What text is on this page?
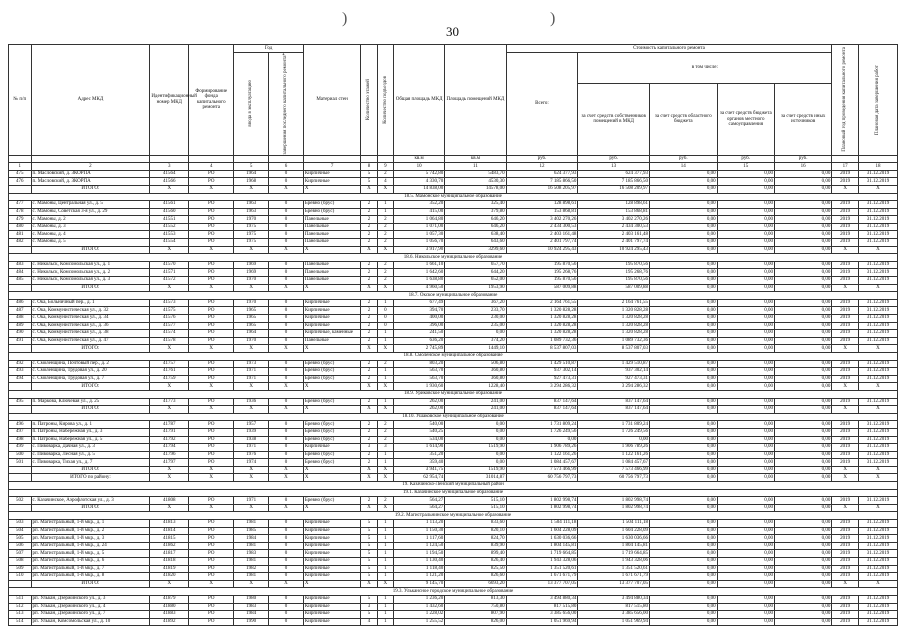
)
30
)
№ п/п	Адрес МКД	Идентификационный номер МКД	Формирование фонда капитального ремонта	Год		Материал стен	Количество этажей	Количество подъездов	Общая площадь МКД	Площадь помещений МКД	Стоимость капитального ремонта					Плановый год проведения капитального ремонта	Плановая дата завершения работ

				ввода в эксплуатацию	завершения последнего капитального ремонта*						Всего:	в том числе:					
												за счет средств собственников помещений в МКД	за счет средств областного бюджета	за счет средств бюджета органов местного самоуправления	за счет средств иных источников		
									кв.м	кв.м	руб.	руб.	руб.	руб.	руб.		
1	2	3	4	5	6	7	8	9	10	11	12	13	14	15	16	17	18
475	п. Масловский, д. ЗКОРПА	41564	РО	1964	0	Кирпичные	5	2	5 742,80	5483,70	624 377,93	624 377,93	0,00	0,00	0,00	2019	31.12.2019
476	п. Масловский, д. ЗКОРПА	41566	РО	1968	0	Кирпичные	5	4	4 330,70	4530,30	7 185 866,50	7 185 866,50	0,00	0,00	0,00	2019	31.12.2019
	ИТОГО:	X	X	X	X	X	X	X	14 838,00	14578,00	16 508 205,97	16 508 209,97	0,00	0,00	0,00	X	X
18.5. Мамонское муниципальное образование																	
477	с. Мамоны, Центральная ул., д. 5	41561	РО	1963	0	Бревно (брус)	2	1	352,20	325,40	128 898,61	128 898,61	0,00	0,00	0,00	2019	31.12.2019
478	с. Мамоны, Советская 3-я ул., д. 29	41560	РО	1963	0	Бревно (брус)	2	1	415,00	379,80	153 868,81	153 868,81	0,00	0,00	0,00	2019	31.12.2019
479	с. Мамоны, д. 2	41551	РО	1970	0	Панельные	2	2	1 064,80	646,20	3 402 270,26	3 402 270,26	0,00	0,00	0,00	2019	31.12.2019
480	с. Мамоны, д. 3	41552	РО	1975	0	Панельные	2	2	1 071,00	646,20	2 434 300,53	2 434 300,53	0,00	0,00	0,00	2019	31.12.2019
481	с. Мамоны, д. 4	41553	РО	1975	0	Панельные	2	2	1 057,30	638,40	2 403 161,48	2 403 161,48	0,00	0,00	0,00	2019	31.12.2019
482	с. Мамоны, д. 5	41554	РО	1975	0	Панельные	2	2	1 056,70	643,60	2 401 797,74	2 401 797,74	0,00	0,00	0,00	2019	31.12.2019
	ИТОГО:	X	X	X	X	X	X	X	3 917,90	3299,60	10 924 295,43	10 924 295,43	0,00	0,00	0,00	X	X
18.6. Никольское муниципальное образование																	
483	с. Никольск, Комсомольская ул., д. 1	41570	РО	1969	0	Панельные	2	2	1 661,10	657,70	195 870,56	195 870,56	0,00	0,00	0,00	2019	31.12.2019
484	с. Никольск, Комсомольская ул., д. 2	41571	РО	1969	0	Панельные	2	2	1 642,60	644,20	195 268,76	195 268,76	0,00	0,00	0,00	2019	31.12.2019
485	с. Никольск, Комсомольская ул., д. 3	41572	РО	1970	0	Панельные	2	2	1 638,80	652,00	195 870,56	195 870,56	0,00	0,00	0,00	2019	31.12.2019
	ИТОГО:	X	X	X	X	X	X	X	4 960,50	1953,90	587 009,88	587 009,88	0,00	0,00	0,00	X	X
18.7. Окское муниципальное образование																	
486	с. Ока, Больничный пер., д. 1	41573	РО	1970	0	Кирпичные	2	1	677,49	367,20	2 164 761,55	2 164 761,55	0,00	0,00	0,00	2019	31.12.2019
487	с. Ока, Коммунистическая ул., д. 32	41575	РО	1965	0	Кирпичные	2	0	394,70	233,70	1 320 828,28	1 320 828,28	0,00	0,00	0,00	2019	31.12.2019
488	с. Ока, Коммунистическая ул., д. 34	41576	РО	1965	0	Кирпичные	2	0	400,00	230,00	1 320 828,28	1 320 828,28	0,00	0,00	0,00	2019	31.12.2019
489	с. Ока, Коммунистическая ул., д. 36	41577	РО	1965	0	Кирпичные	2	0	396,00	235,00	1 320 828,28	1 320 828,28	0,00	0,00	0,00	2019	31.12.2019
490	с. Ока, Коммунистическая ул., д. 38	41574	РО	1964	0	Кирпичные, каменные	2	1	241,50	0,00	1 320 828,28	1 320 828,28	0,00	0,00	0,00	2019	31.12.2019
491	с. Ока, Коммунистическая ул., д. 47	41578	РО	1970	0	Панельные	2	1	636,20	374,20	1 089 732,36	1 089 732,36	0,00	0,00	0,00	2019	31.12.2019
	ИТОГО:	X	X	X	X	X	X	X	2 745,89	1449,10	8 537 807,03	8 537 807,03	0,00	0,00	0,00	X	X
18.8. Смоленское муниципальное образование																	
492	с. Смоленщина, Почтовый пер., д. 2	41757	РО	1973	0	Бревно (брус)	2	2	803,20	506,80	1 429 510,87	1 429 510,87	0,00	0,00	0,00	2019	31.12.2019
493	с. Смоленщина, Трудовая ул., д. 20	41761	РО	1971	0	Бревно (брус)	2	1	563,70	360,80	937 302,14	937 302,14	0,00	0,00	0,00	2019	31.12.2019
494	с. Смоленщина, Трудовая ул., д. 7	41759	РО	1971	0	Бревно (брус)	2	1	563,70	360,80	927 473,31	927 473,31	0,00	0,00	0,00	2019	31.12.2019
	ИТОГО:	X	X	X	X	X	X	X	1 930,60	1228,40	3 294 286,32	3 294 286,32	0,00	0,00	0,00	X	X
18.9. Уриковское муниципальное образование																	
495	п. Маркова, Ключевая ул., д. 25	41773	РО	1936	0	Бревно (брус)	2	1	262,00	241,00	837 147,64	837 147,64	0,00	0,00	0,00	2019	31.12.2019
	ИТОГО:	X	X	X	X	X	X	X	262,00	241,00	837 147,64	837 147,64	0,00	0,00	0,00	X	X
18.10. Ушаковское муниципальное образование																	
496	п. Патроны, Кирова ул., д. 1	41787	РО	1957	0	Бревно (брус)	2	2	540,00	0,00	1 731 809,24	1 731 809,24	0,00	0,00	0,00	2019	31.12.2019
497	п. Патроны, Набережная ул., д. 3	41791	РО	1939	0	Бревно (брус)	2	2	540,25	0,00	1 726 249,56	1 726 249,56	0,00	0,00	0,00	2019	31.12.2019
498	п. Патроны, Набережная ул., д. 5	41792	РО	1938	0	Бревно (брус)	2	2	534,00	0,00	0,00	0,00	0,00	0,00	0,00	2019	31.12.2019
499	с. Пивоварка, Дачная ул., д. 3	41794	РО	1971	0	Кирпичные	3	3	1 614,90	1519,90	1 906 789,26	1 906 789,26	0,00	0,00	0,00	2019	31.12.2019
500	с. Пивоварка, Лесная ул., д. 5	41796	РО	1976	0	Бревно (брус)	2	1	351,20	0,00	1 122 161,26	1 122 161,26	0,00	0,00	0,00	2019	31.12.2019
501	с. Пивоварка, Тихая ул., д. 7	41797	РО	1974	0	Бревно (брус)	2	1	359,40	0,00	1 084 457,67	1 084 457,67	0,00	0,00	0,00	2019	31.12.2019
	ИТОГО:	X	X	X	X	X	X	X	3 941,75	1519,90	7 573 466,99	7 573 466,99	0,00	0,00	0,00	X	X
	ИТОГО по району:	X	X	X	X	X	X	X	62 954,74	31014,87	60 756 797,73	60 756 797,73	0,00	0,00	0,00	X	X
19. Казачинско-Ленский муниципальный район																	
19.1. Казачинское муниципальное образование																	
502	с. Казачинское, Аэрофлотская ул., д. 3	41808	РО	1971	0	Бревно (брус)	2	2	564,27	515,10	1 802 998,74	1 802 998,74	0,00	0,00	0,00	2019	31.12.2019
	ИТОГО:	X	X	X	X	X	X	X	564,27	515,10	1 802 998,74	1 802 998,74	0,00	0,00	0,00	X	X
19.2. Магистральнинское муниципальное образование																	
503	рп. Магистральный, 1-й мкр., д. 1	41813	РО	1981	0	Кирпичные	5	1	1 113,20	833,60	1 504 111,18	1 504 111,18	0,00	0,00	0,00	2019	31.12.2019
504	рп. Магистральный, 1-й мкр., д. 2	41814	РО	1985	0	Кирпичные	5	1	1 150,30	820,10	1 604 228,09	1 604 228,09	0,00	0,00	0,00	2019	31.12.2019
505	рп. Магистральный, 1-й мкр., д. 3	41815	РО	1984	0	Кирпичные	5	1	1 117,60	824,70	1 630 036,66	1 630 036,66	0,00	0,00	0,00	2019	31.12.2019
506	рп. Магистральный, 1-й мкр., д. 24	41862	РО	1981	0	Кирпичные	5	1	1 124,50	839,90	1 804 145,81	1 804 145,81	0,00	0,00	0,00	2019	31.12.2019
507	рп. Магистральный, 1-й мкр., д. 5	41817	РО	1983	0	Кирпичные	5	1	1 194,50	899,40	1 719 664,85	1 719 664,85	0,00	0,00	0,00	2019	31.12.2019
508	рп. Магистральный, 1-й мкр., д. 6	41818	РО	1981	0	Кирпичные	5	1	1 130,40	826,40	1 943 328,06	1 943 328,06	0,00	0,00	0,00	2019	31.12.2019
509	рп. Магистральный, 1-й мкр., д. 7	41819	РО	1982	0	Кирпичные	5	1	1 118,40	825,50	1 351 520,61	1 351 520,61	0,00	0,00	0,00	2019	31.12.2019
510	рп. Магистральный, 1-й мкр., д. 8	41820	РО	1981	0	Кирпичные	5	1	1 121,20	826,60	1 671 671,79	1 671 671,79	0,00	0,00	0,00	2019	31.12.2019
	ИТОГО:	X	X	X	X	X	X	X	9 145,70	6693,20	13 377 707,05	13 377 707,05	0,00	0,00	0,00	X	X
19.3. Улькансное городское муниципальное образование																	
511	рп. Улькан, Дзержинского ул., д. 3	41879	РО	1980	0	Кирпичные	5	1	1 236,20	813,30	3 494 880,34	3 494 880,34	0,00	0,00	0,00	2019	31.12.2019
512	рп. Улькан, Дзержинского ул., д. 4	41880	РО	1983	0	Кирпичные	3	1	1 432,60	750,80	817 515,80	817 515,80	0,00	0,00	0,00	2019	31.12.2019
513	рп. Улькан, Дзержинского ул., д. 7	41883	РО	1984	0	Кирпичные	5	1	1 228,02	807,90	3 385 656,00	3 385 656,00	0,00	0,00	0,00	2019	31.12.2019
514	рп. Улькан, Комсомольская ул., д. 10	41892	РО	1990	0	Кирпичные	4	1	1 255,52	826,00	1 051 969,94	1 051 969,94	0,00	0,00	0,00	2019	31.12.2019
